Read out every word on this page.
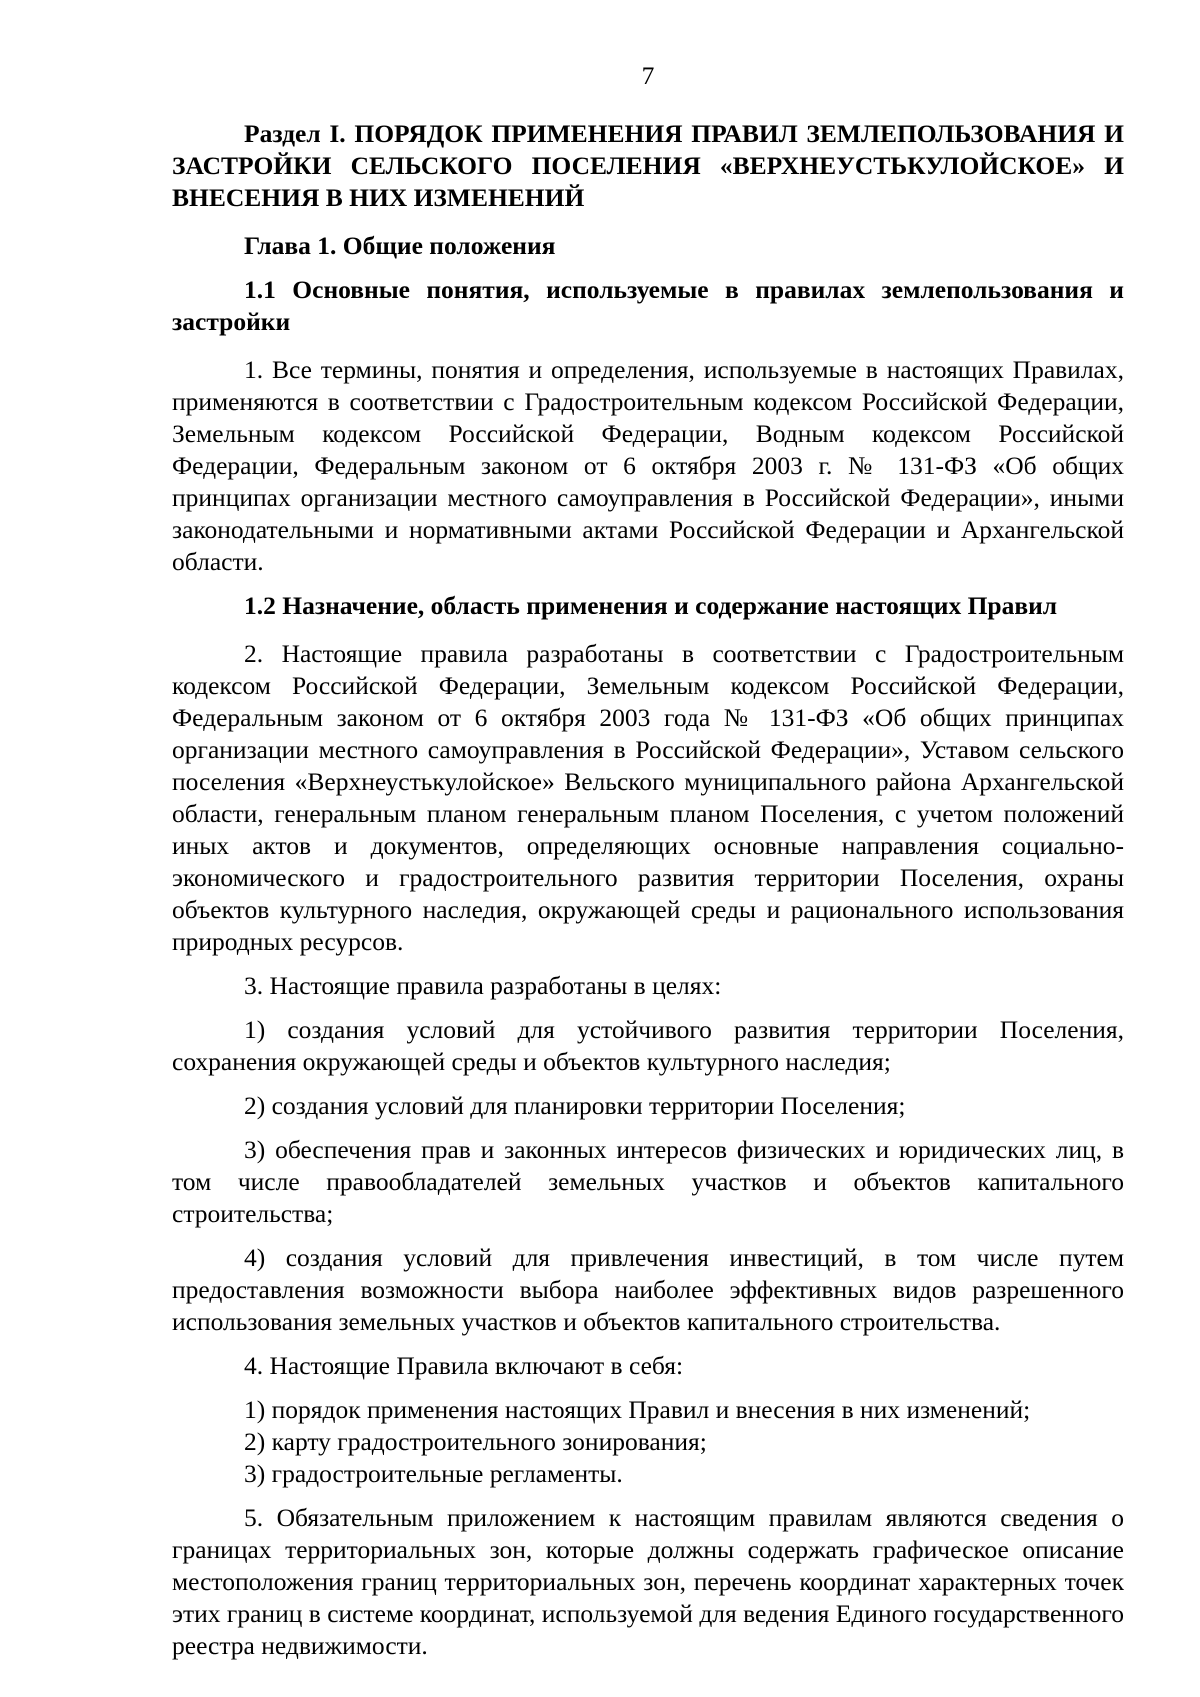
7
Раздел I. ПОРЯДОК ПРИМЕНЕНИЯ ПРАВИЛ ЗЕМЛЕПОЛЬЗОВАНИЯ И ЗАСТРОЙКИ СЕЛЬСКОГО ПОСЕЛЕНИЯ «ВЕРХНЕУСТЬКУЛОЙСКОЕ» И ВНЕСЕНИЯ В НИХ ИЗМЕНЕНИЙ
Глава 1. Общие положения
1.1 Основные понятия, используемые в правилах землепользования и застройки
1. Все термины, понятия и определения, используемые в настоящих Правилах, применяются в соответствии с Градостроительным кодексом Российской Федерации, Земельным кодексом Российской Федерации, Водным кодексом Российской Федерации, Федеральным законом от 6 октября 2003 г. № 131-ФЗ «Об общих принципах организации местного самоуправления в Российской Федерации», иными законодательными и нормативными актами Российской Федерации и Архангельской области.
1.2 Назначение, область применения и содержание настоящих Правил
2. Настоящие правила разработаны в соответствии с Градостроительным кодексом Российской Федерации, Земельным кодексом Российской Федерации, Федеральным законом от 6 октября 2003 года № 131-ФЗ «Об общих принципах организации местного самоуправления в Российской Федерации», Уставом сельского поселения «Верхнеустькулойское» Вельского муниципального района Архангельской области, генеральным планом генеральным планом Поселения, с учетом положений иных актов и документов, определяющих основные направления социально-экономического и градостроительного развития территории Поселения, охраны объектов культурного наследия, окружающей среды и рационального использования природных ресурсов.
3. Настоящие правила разработаны в целях:
1) создания условий для устойчивого развития территории Поселения, сохранения окружающей среды и объектов культурного наследия;
2) создания условий для планировки территории Поселения;
3) обеспечения прав и законных интересов физических и юридических лиц, в том числе правообладателей земельных участков и объектов капитального строительства;
4) создания условий для привлечения инвестиций, в том числе путем предоставления возможности выбора наиболее эффективных видов разрешенного использования земельных участков и объектов капитального строительства.
4. Настоящие Правила включают в себя:
1) порядок применения настоящих Правил и внесения в них изменений;
2) карту градостроительного зонирования;
3) градостроительные регламенты.
5. Обязательным приложением к настоящим правилам являются сведения о границах территориальных зон, которые должны содержать графическое описание местоположения границ территориальных зон, перечень координат характерных точек этих границ в системе координат, используемой для ведения Единого государственного реестра недвижимости.
